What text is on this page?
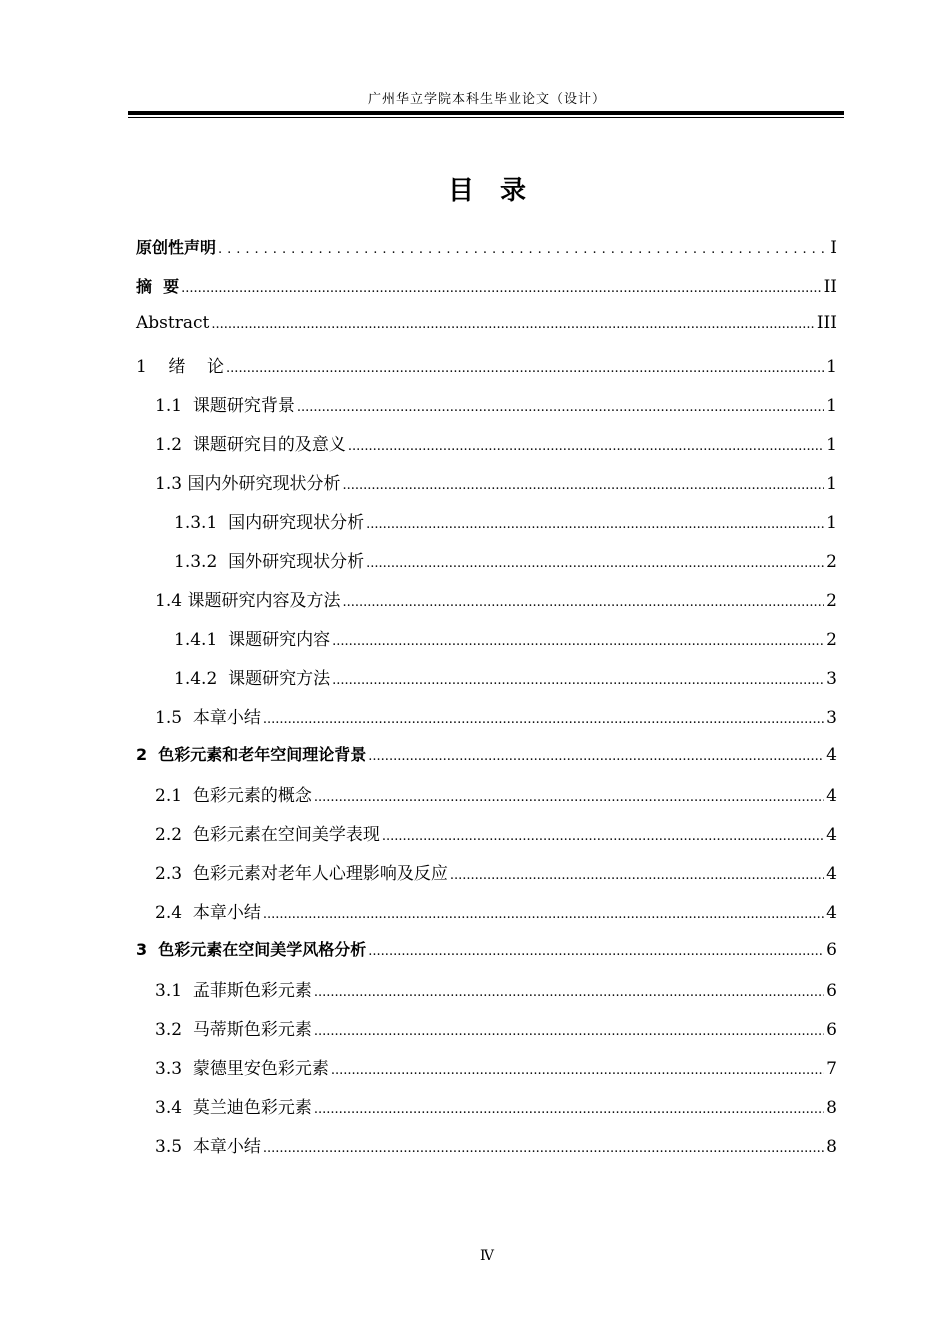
广州华立学院本科生毕业论文（设计）
目　录
原创性声明 .....	I
摘  要 .....	II
Abstract .....	III
1    绪    论 .....	1
1.1  课题研究背景 .....	1
1.2  课题研究目的及意义 .....	1
1.3 国内外研究现状分析 .....	1
1.3.1  国内研究现状分析 .....	1
1.3.2  国外研究现状分析 .....	2
1.4 课题研究内容及方法 .....	2
1.4.1  课题研究内容 .....	2
1.4.2  课题研究方法 .....	3
1.5  本章小结 .....	3
2  色彩元素和老年空间理论背景 .....	4
2.1  色彩元素的概念 .....	4
2.2  色彩元素在空间美学表现 .....	4
2.3  色彩元素对老年人心理影响及反应 .....	4
2.4  本章小结 .....	4
3  色彩元素在空间美学风格分析 .....	6
3.1  孟菲斯色彩元素 .....	6
3.2  马蒂斯色彩元素 .....	6
3.3  蒙德里安色彩元素 .....	7
3.4  莫兰迪色彩元素 .....	8
3.5  本章小结 .....	8
Ⅳ
